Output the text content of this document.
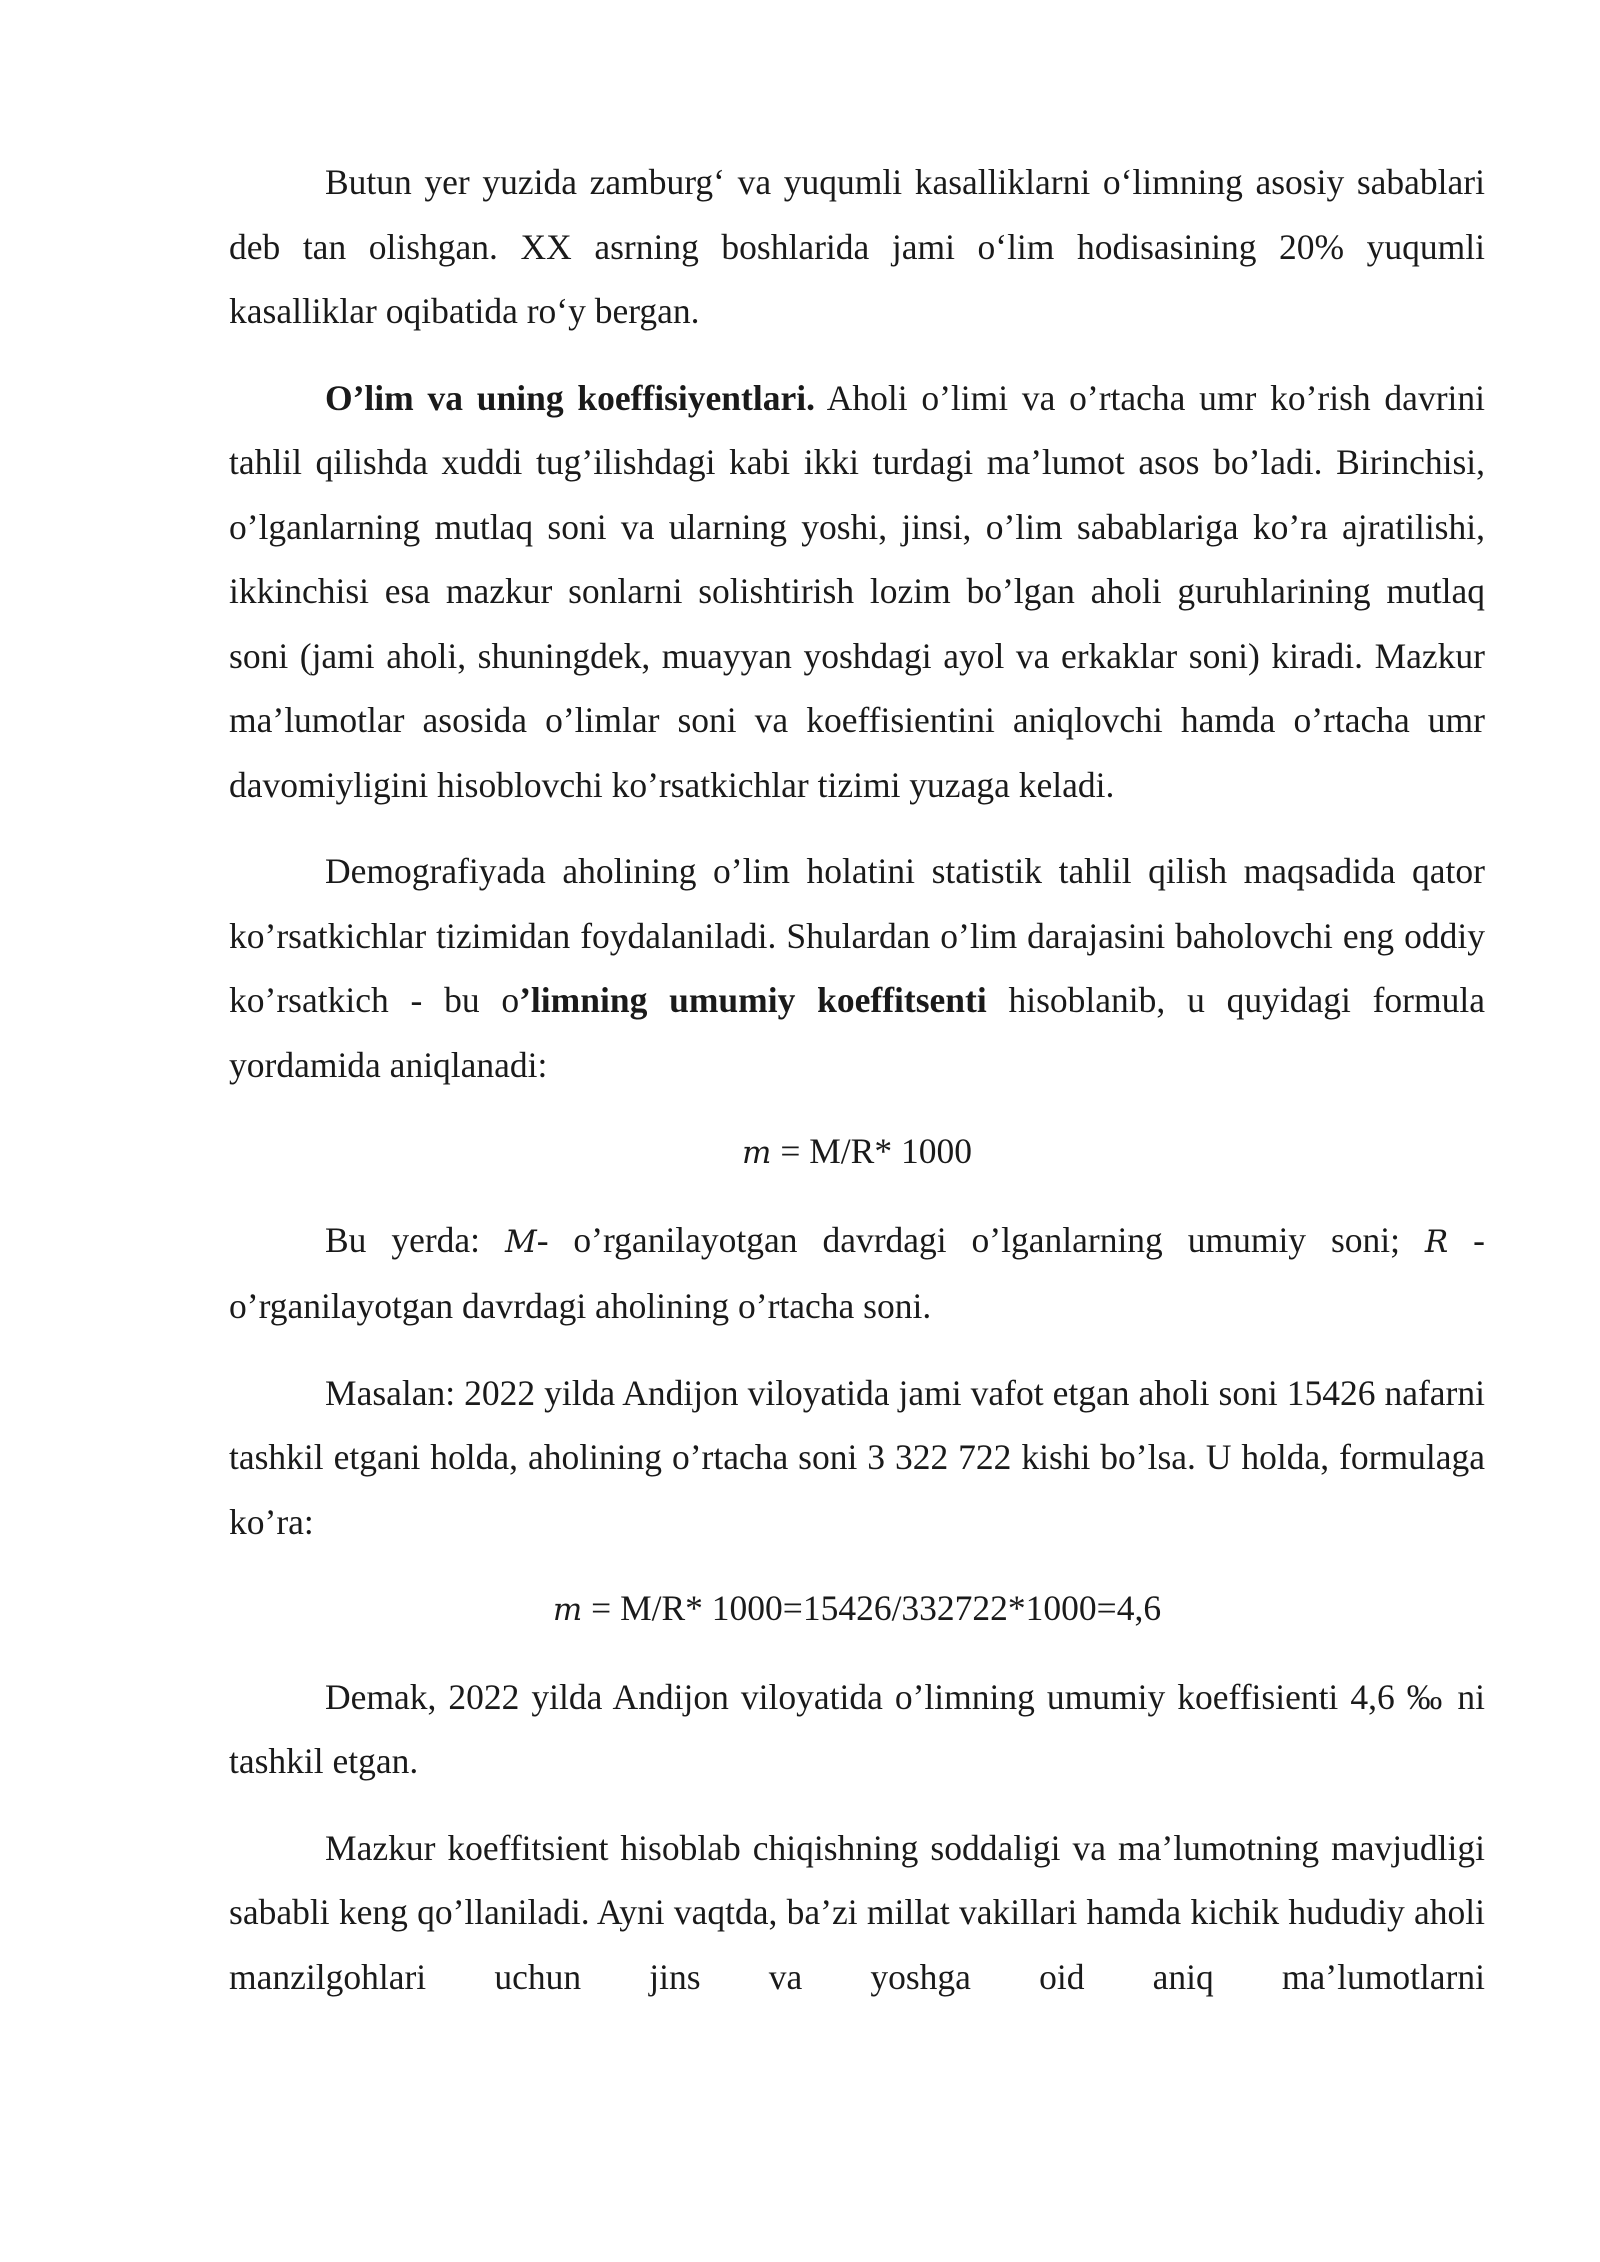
Butun yer yuzida zamburg‘ va yuqumli kasalliklarni o‘limning asosiy sabablari deb tan olishgan. XX asrning boshlarida jami o‘lim hodisasining 20% yuqumli kasalliklar oqibatida ro‘y bergan.

O’lim va uning koeffisiyentlari. Aholi o’limi va o’rtacha umr ko’rish davrini tahlil qilishda xuddi tug’ilishdagi kabi ikki turdagi ma’lumot asos bo’ladi. Birinchisi, o’lganlarning mutlaq soni va ularning yoshi, jinsi, o’lim sabablariga ko’ra ajratilishi, ikkinchisi esa mazkur sonlarni solishtirish lozim bo’lgan aholi guruhlarining mutlaq soni (jami aholi, shuningdek, muayyan yoshdagi ayol va erkaklar soni) kiradi. Mazkur ma’lumotlar asosida o’limlar soni va koeffisientini aniqlovchi hamda o’rtacha umr davomiyligini hisoblovchi ko’rsatkichlar tizimi yuzaga keladi.

Demografiyada aholining o’lim holatini statistik tahlil qilish maqsadida qator ko’rsatkichlar tizimidan foydalaniladi. Shulardan o’lim darajasini baholovchi eng oddiy ko’rsatkich - bu o’limning umumiy koeffitsenti hisoblanib, u quyidagi formula yordamida aniqlanadi:

m = M/R* 1000

Bu yerda: M- o’rganilayotgan davrdagi o’lganlarning umumiy soni; R - o’rganilayotgan davrdagi aholining o’rtacha soni.

Masalan: 2022 yilda Andijon viloyatida jami vafot etgan aholi soni 15426 nafarni tashkil etgani holda, aholining o’rtacha soni 3 322 722 kishi bo’lsa. U holda, formulaga ko’ra:

m = M/R* 1000=15426/332722*1000=4,6

Demak, 2022 yilda Andijon viloyatida o’limning umumiy koeffisienti 4,6 ‰ ni tashkil etgan.

Mazkur koeffitsient hisoblab chiqishning soddaligi va ma’lumotning mavjudligi sababli keng qo’llaniladi. Ayni vaqtda, ba’zi millat vakillari hamda kichik hududiy aholi manzilgohlari uchun jins va yoshga oid aniq ma’lumotlarni
